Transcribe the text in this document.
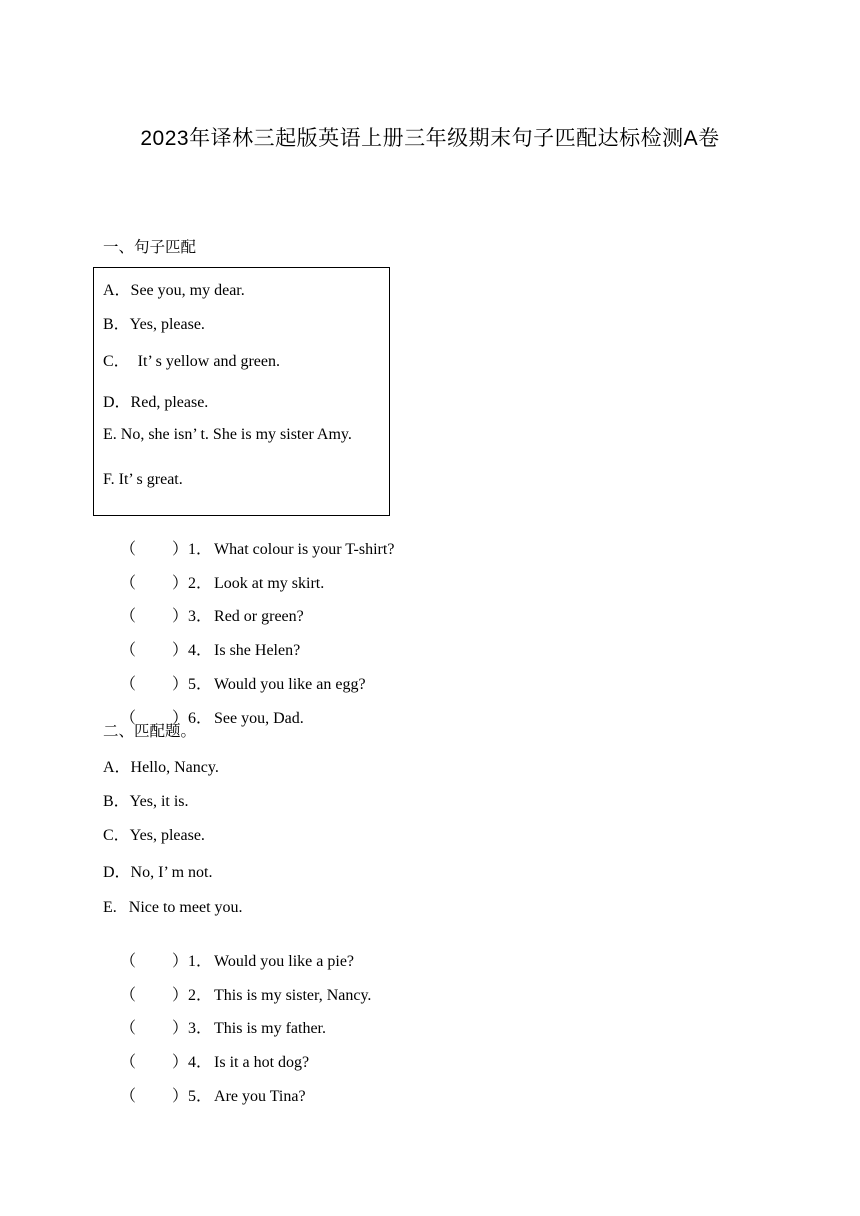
2023年译林三起版英语上册三年级期末句子匹配达标检测A卷
一、句子匹配
A．See you, my dear.
B．Yes, please.
C．  It’ s yellow and green.
D．Red, please.
E. No, she isn’ t. She is my sister Amy.
F. It’ s great.

（ ）1． What colour is your T-shirt?

（ ）2． Look at my skirt.

（ ）3． Red or green?

（ ）4． Is she Helen?

（ ）5． Would you like an egg?

（ ）6． See you, Dad.

二、匹配题。
A．Hello, Nancy.
B．Yes, it is.
C．Yes, please.
D．No, I’ m not.
E.   Nice to meet you.

（ ）1． Would you like a pie?

（ ）2． This is my sister, Nancy.

（ ）3． This is my father.

（ ）4． Is it a hot dog?

（ ）5． Are you Tina?
